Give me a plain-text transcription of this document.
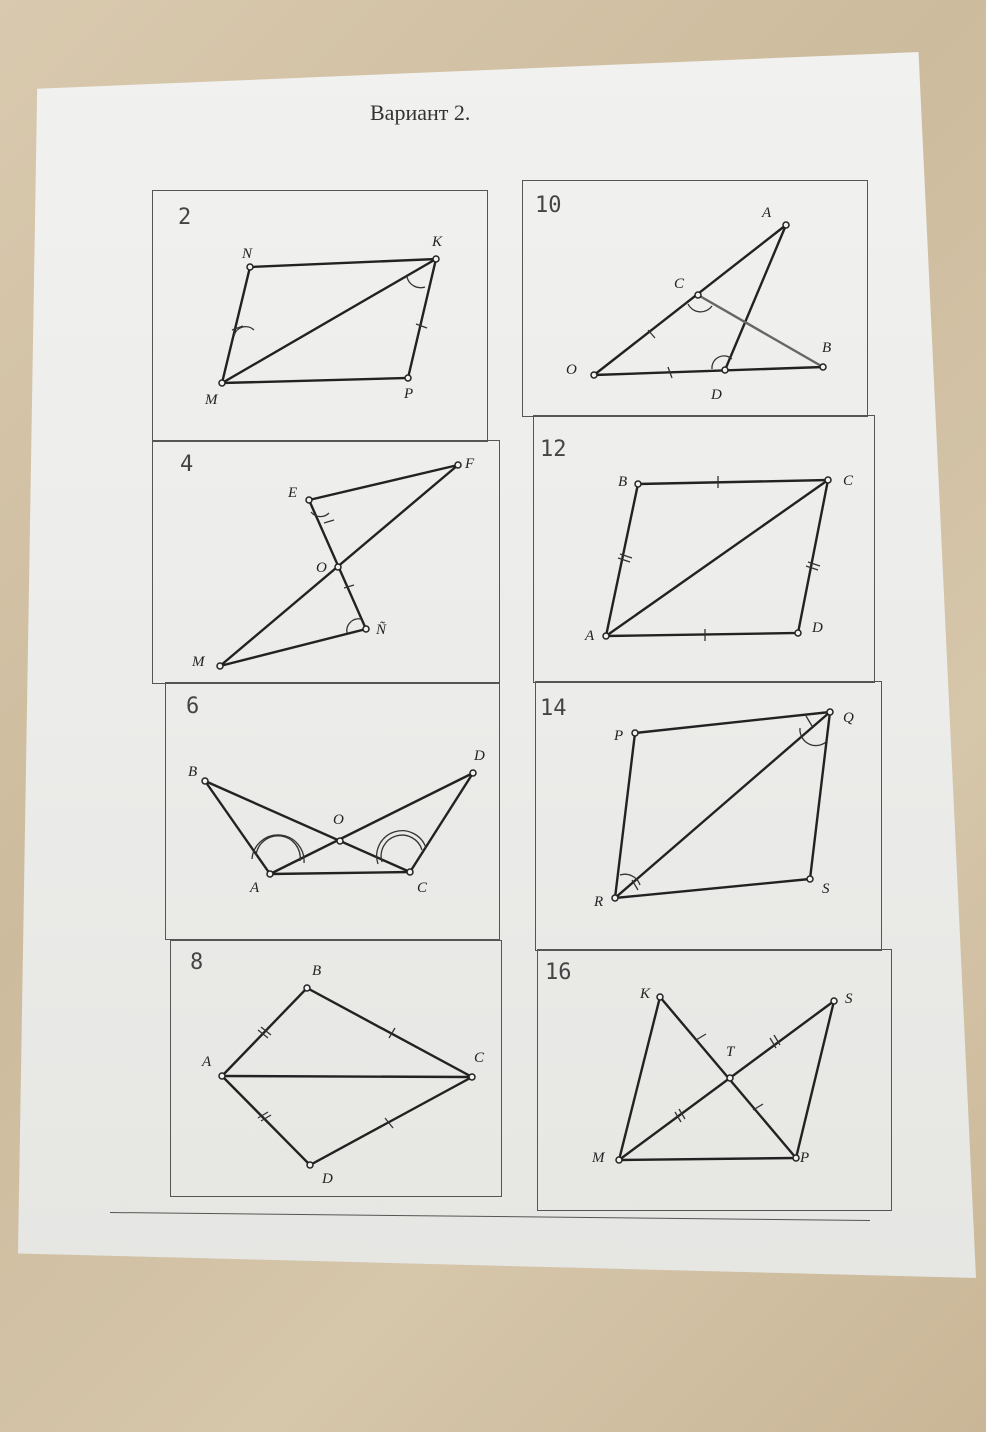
Вариант 2.
2	10
4
12
6	14
8	16
N
K
M	P
A
C
O
B
D
E
F
O
Ñ
M
B	C
A	D
B
D
O
A	C
P
Q
R
S
B
A	C
D
K	S
T
M	P
